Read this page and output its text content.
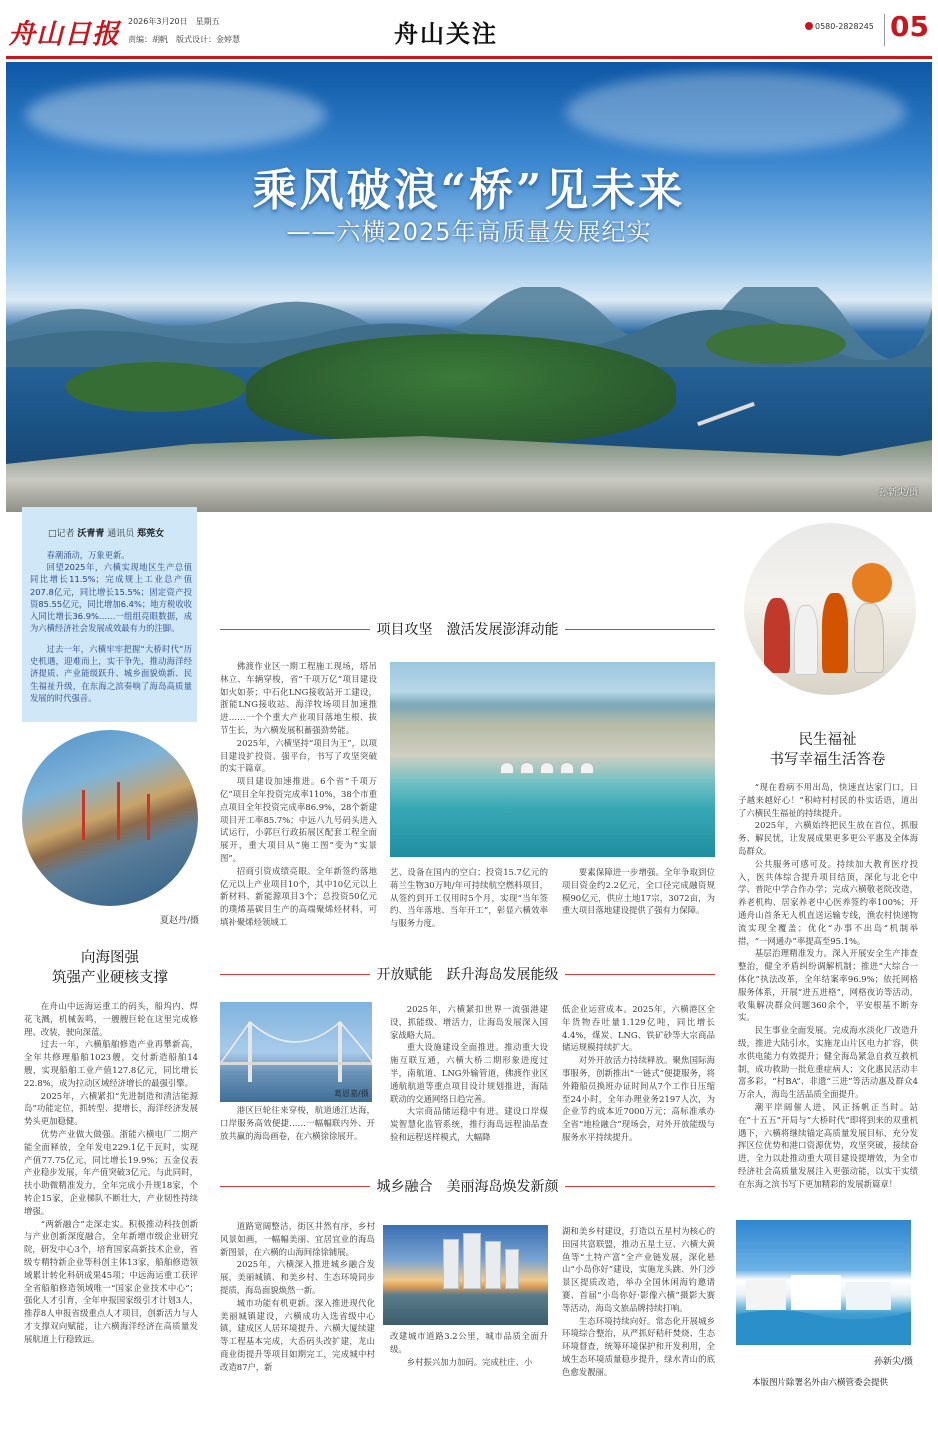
舟山日报 2026年3月20日　星期五
责编：胡帆　版式设计：金婷慧	舟山关注	0580-2828245 05
乘风破浪“桥”见未来
——六横2025年高质量发展纪实
孙新尖/摄
□记者 沃青青 通讯员 郑莞女

春潮涌动，万象更新。

回望2025年，六横实现地区生产总值同比增长11.5%；完成规上工业总产值207.8亿元，同比增长15.5%；固定资产投资85.55亿元，同比增加6.4%；地方税收收入同比增长36.9%……一组组亮眼数据，成为六横经济社会发展成效最有力的注脚。

过去一年，六横牢牢把握“大桥时代”历史机遇，迎难而上，实干争先，推动海洋经济提质、产业能级跃升、城乡面貌焕新、民生福祉升级，在东海之滨奏响了海岛高质量发展的时代强音。
夏赵丹/摄
向海图强
筑强产业硬核支撑

在舟山中远海运重工的码头，船坞内、焊花飞溅，机械轰鸣，一艘艘巨轮在这里完成修理、改装，驶向深蓝。

过去一年，六横船舶修造产业再攀新高，全年共修理船舶1023艘，交付新造船舶14艘，实现船舶工业产值127.8亿元，同比增长22.8%，成为拉动区域经济增长的最强引擎。

2025年，六横紧扣“先进制造和清洁能源岛”功能定位，抓转型、提增长，海洋经济发展势头更加稳健。

优势产业做大做强。浙能六横电厂二期产能全面释放，全年发电229.1亿千瓦时，实现产值77.75亿元，同比增长19.9%；五金仪表产业稳步发展，年产值突破3亿元。与此同时，扶小助微精准发力，全年完成小升规18家，个转企15家，企业梯队不断壮大，产业韧性持续增强。

“两新融合”走深走实。积极推动科技创新与产业创新深度融合，全年新增市级企业研究院，研发中心3个，培育国家高新技术企业，省级专精特新企业等科创主体13家，船舶修造领域累计转化科研成果45项；中远海运重工获评全省船舶修造领域唯一“国家企业技术中心”；强化人才引育，全年申报国家级引才计划3人，推荐8人申报省级重点人才项目，创新活力与人才支撑双向赋能，让六横海洋经济在高质量发展航道上行稳致远。

项目攻坚　激活发展澎湃动能

佛渡作业区一期工程施工现场，塔吊林立、车辆穿梭，省“千项万亿”项目建设如火如荼；中石化LNG接收站开工建设，浙能LNG接收站、海洋牧场项目加速推进……一个个重大产业项目落地生根、拔节生长，为六横发展积蓄强劲势能。

2025年，六横坚持“项目为王”，以项目建设扩投资、强平台，书写了攻坚突破的实干篇章。

项目建设加速推进。6个省“千项万亿”项目全年投资完成率110%，38个市重点项目全年投资完成率86.9%，28个新建项目开工率85.7%；中远八九号码头进入试运行，小郭巨行政拓展区配套工程全面展开，重大项目从“施工图”变为“实景图”。

招商引资成绩亮眼。全年新签约落地亿元以上产业项目10个，其中10亿元以上新材料、新能源项目3个；总投资50亿元的璞烯基碳目生产的高端聚烯烃材料，可填补聚烯烃领域工

艺、设备在国内的空白；投资15.7亿元的蒋兰生物30万吨/年可持续航空燃料项目，从签约到开工仅用时5个月，实现“当年签约、当年落地、当年开工”，彰显六横效率与服务力度。

要素保障进一步增强。全年争取到位项目资金约2.2亿元，全口径完成融资规模90亿元，供应土地17宗，3072亩，为重大项目落地建设提供了强有力保障。

开放赋能　跃升海岛发展能级
葛恩嘉/摄

港区巨轮往来穿梭，航道通江达海，口岸服务高效便捷……一幅幅联内外、开放共赢的海岛画卷，在六横徐徐展开。

2025年，六横紧扣世界一流强港建设，抓能级、增活力，让海岛发展深入国家战略大局。

重大设施建设全面推进。推动重大设施互联互通，六横大桥二期形象进度过半，南航道、LNG外输管道，佛渡作业区通航航道等重点项目设计规划推进，海陆联动的交通网络日趋完善。

大宗商品储运稳中有进。建设口岸煤炭智慧化监管系统，推行海岛远程油品查验和远程送样模式，大幅降

低企业运营成本。2025年，六横港区全年货物吞吐量1.129亿吨，同比增长4.4%，煤炭、LNG、铁矿砂等大宗商品储运规模持续扩大。

对外开放活力持续释放。聚焦国际海事服务，创新推出“一链式”便捷服务，将外籍船员换班办证时间从7个工作日压缩至24小时，全年办理业务2197人次，为企业节约成本近7000万元；高标准承办全省“地检融合”现场会，对外开放能级与服务水平持续提升。

城乡融合　美丽海岛焕发新颜

道路宽阔整洁，街区井然有序，乡村风景如画，一幅幅美丽、宜居宜业的海岛新图景，在六横的山海间徐徐铺展。

2025年，六横深入推进城乡融合发展，美丽城镇、和美乡村、生态环境同步提质，海岛面貌焕然一新。

城市功能有机更新。深入推进现代化美丽城镇建设，六横成功入选省级中心镇，建成区人居环境提升、六横大厦续建等工程基本完成，大岙码头改扩建，龙山商业街提升等项目如期完工，完成城中村改造87户，新

改建城市道路3.2公里，城市品质全面升级。

乡村振兴加力加码。完成杜庄、小

湖和美乡村建设，打造以五星村为核心的田园共富联盟，推动五星土豆、六横大黄鱼等“土特产富”全产业链发展，深化悬山“小岛你好”建设，实施龙头跳、外门沙景区提质改造，举办全国休闲海钓邀请赛、首届“小岛你好·影像六横”摄影大赛等活动，海岛文旅品牌持续打响。

生态环境持续向好。常态化开展城乡环境综合整治，从严抓好秸秆焚烧、生态环境督查，统筹环境保护和开发利用，全域生态环境质量稳步提升，绿水青山的底色愈发靓丽。

民生福祉
书写幸福生活答卷

“现在看病不用出岛，快速直达家门口，日子越来越好心！”积峙村村民的朴实话语，道出了六横民生福祉的持续提升。

2025年，六横始终把民生放在首位，抓服务、解民忧，让发展成果更多更公平惠及全体海岛群众。

公共服务可感可及。持续加大教育医疗投入，医共体综合提升项目结顶，深化与北仑中学、普陀中学合作办学；完成六横敬老院改造，养老机构、居家养老中心医养签约率100%；开通舟山首条无人机直送运输专线，渔农村快递物流实现全覆盖；优化“办事不出岛”机制举措，“一网通办”率提高至95.1%。

基层治理精准发力。深入开展安全生产排查整治，健全矛盾纠纷调解机制；推进“大综合一体化”执法改革，全年结案率96.9%；依托网格服务体系，开展“进五进格”，网格夜访等活动，收集解决群众问题360余个，平安根基不断夯实。

民生事业全面发展。完成海水淡化厂改造升级，推进大陆引水，实施龙山片区电力扩容，供水供电能力有效提升；健全海岛紧急自救互救机制，成功救助一批危重症病人；文化惠民活动丰富多彩，“村BA”、非遗“三进”等活动惠及群众4万余人，海岛生活品质全面提升。

潮平岸阔催人进，风正扬帆正当时。站在“十五五”开局与“大桥时代”即将到来的双重机遇下，六横将继续锚定高质量发展目标，充分发挥区位优势和港口资源优势，攻坚突破，接续奋进，全力以赴推动重大项目建设提增效，为全市经济社会高质量发展注入更强动能，以实干实绩在东海之滨书写下更加精彩的发展新篇章！

孙新尖/摄
本版图片除署名外由六横管委会提供
